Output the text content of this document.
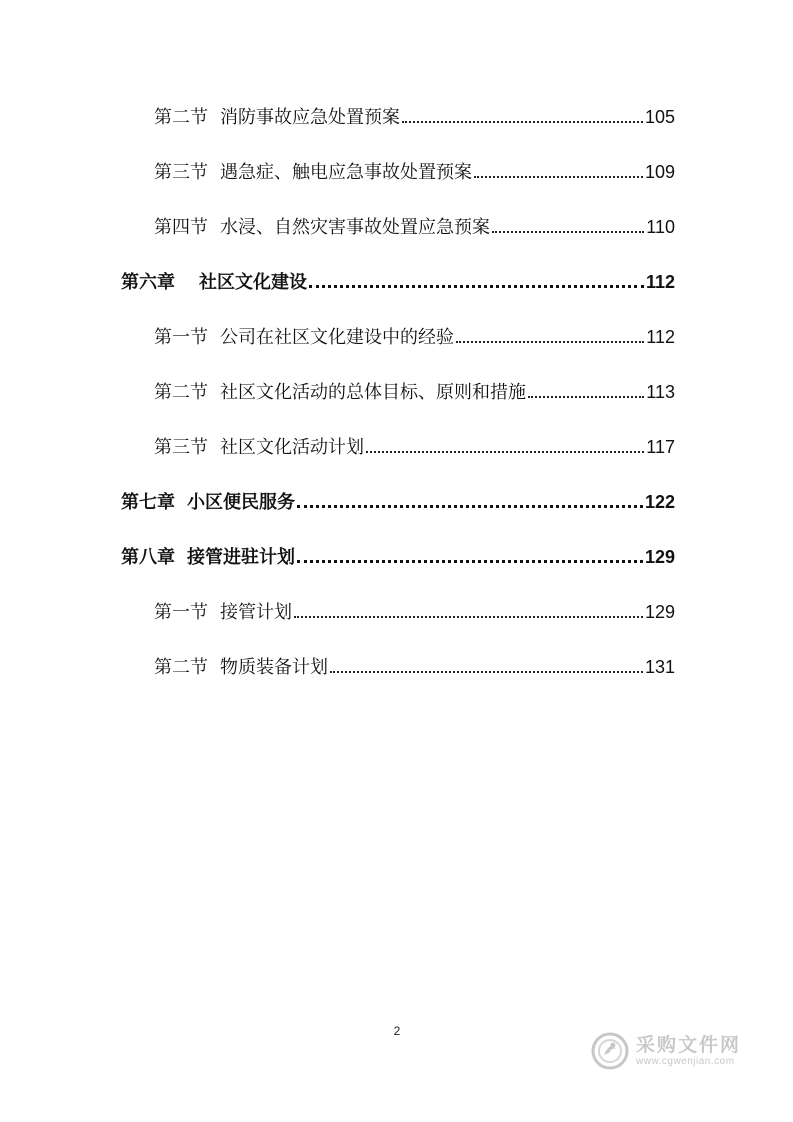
第二节 消防事故应急处置预案	105
第三节 遇急症、触电应急事故处置预案	109
第四节 水浸、自然灾害事故处置应急预案	110
第六章 社区文化建设	112
第一节 公司在社区文化建设中的经验	112
第二节 社区文化活动的总体目标、原则和措施	113
第三节 社区文化活动计划	117
第七章 小区便民服务	122
第八章 接管进驻计划	129
第一节 接管计划	129
第二节 物质装备计划	131
2
采购文件网
www.cgwenjian.com
